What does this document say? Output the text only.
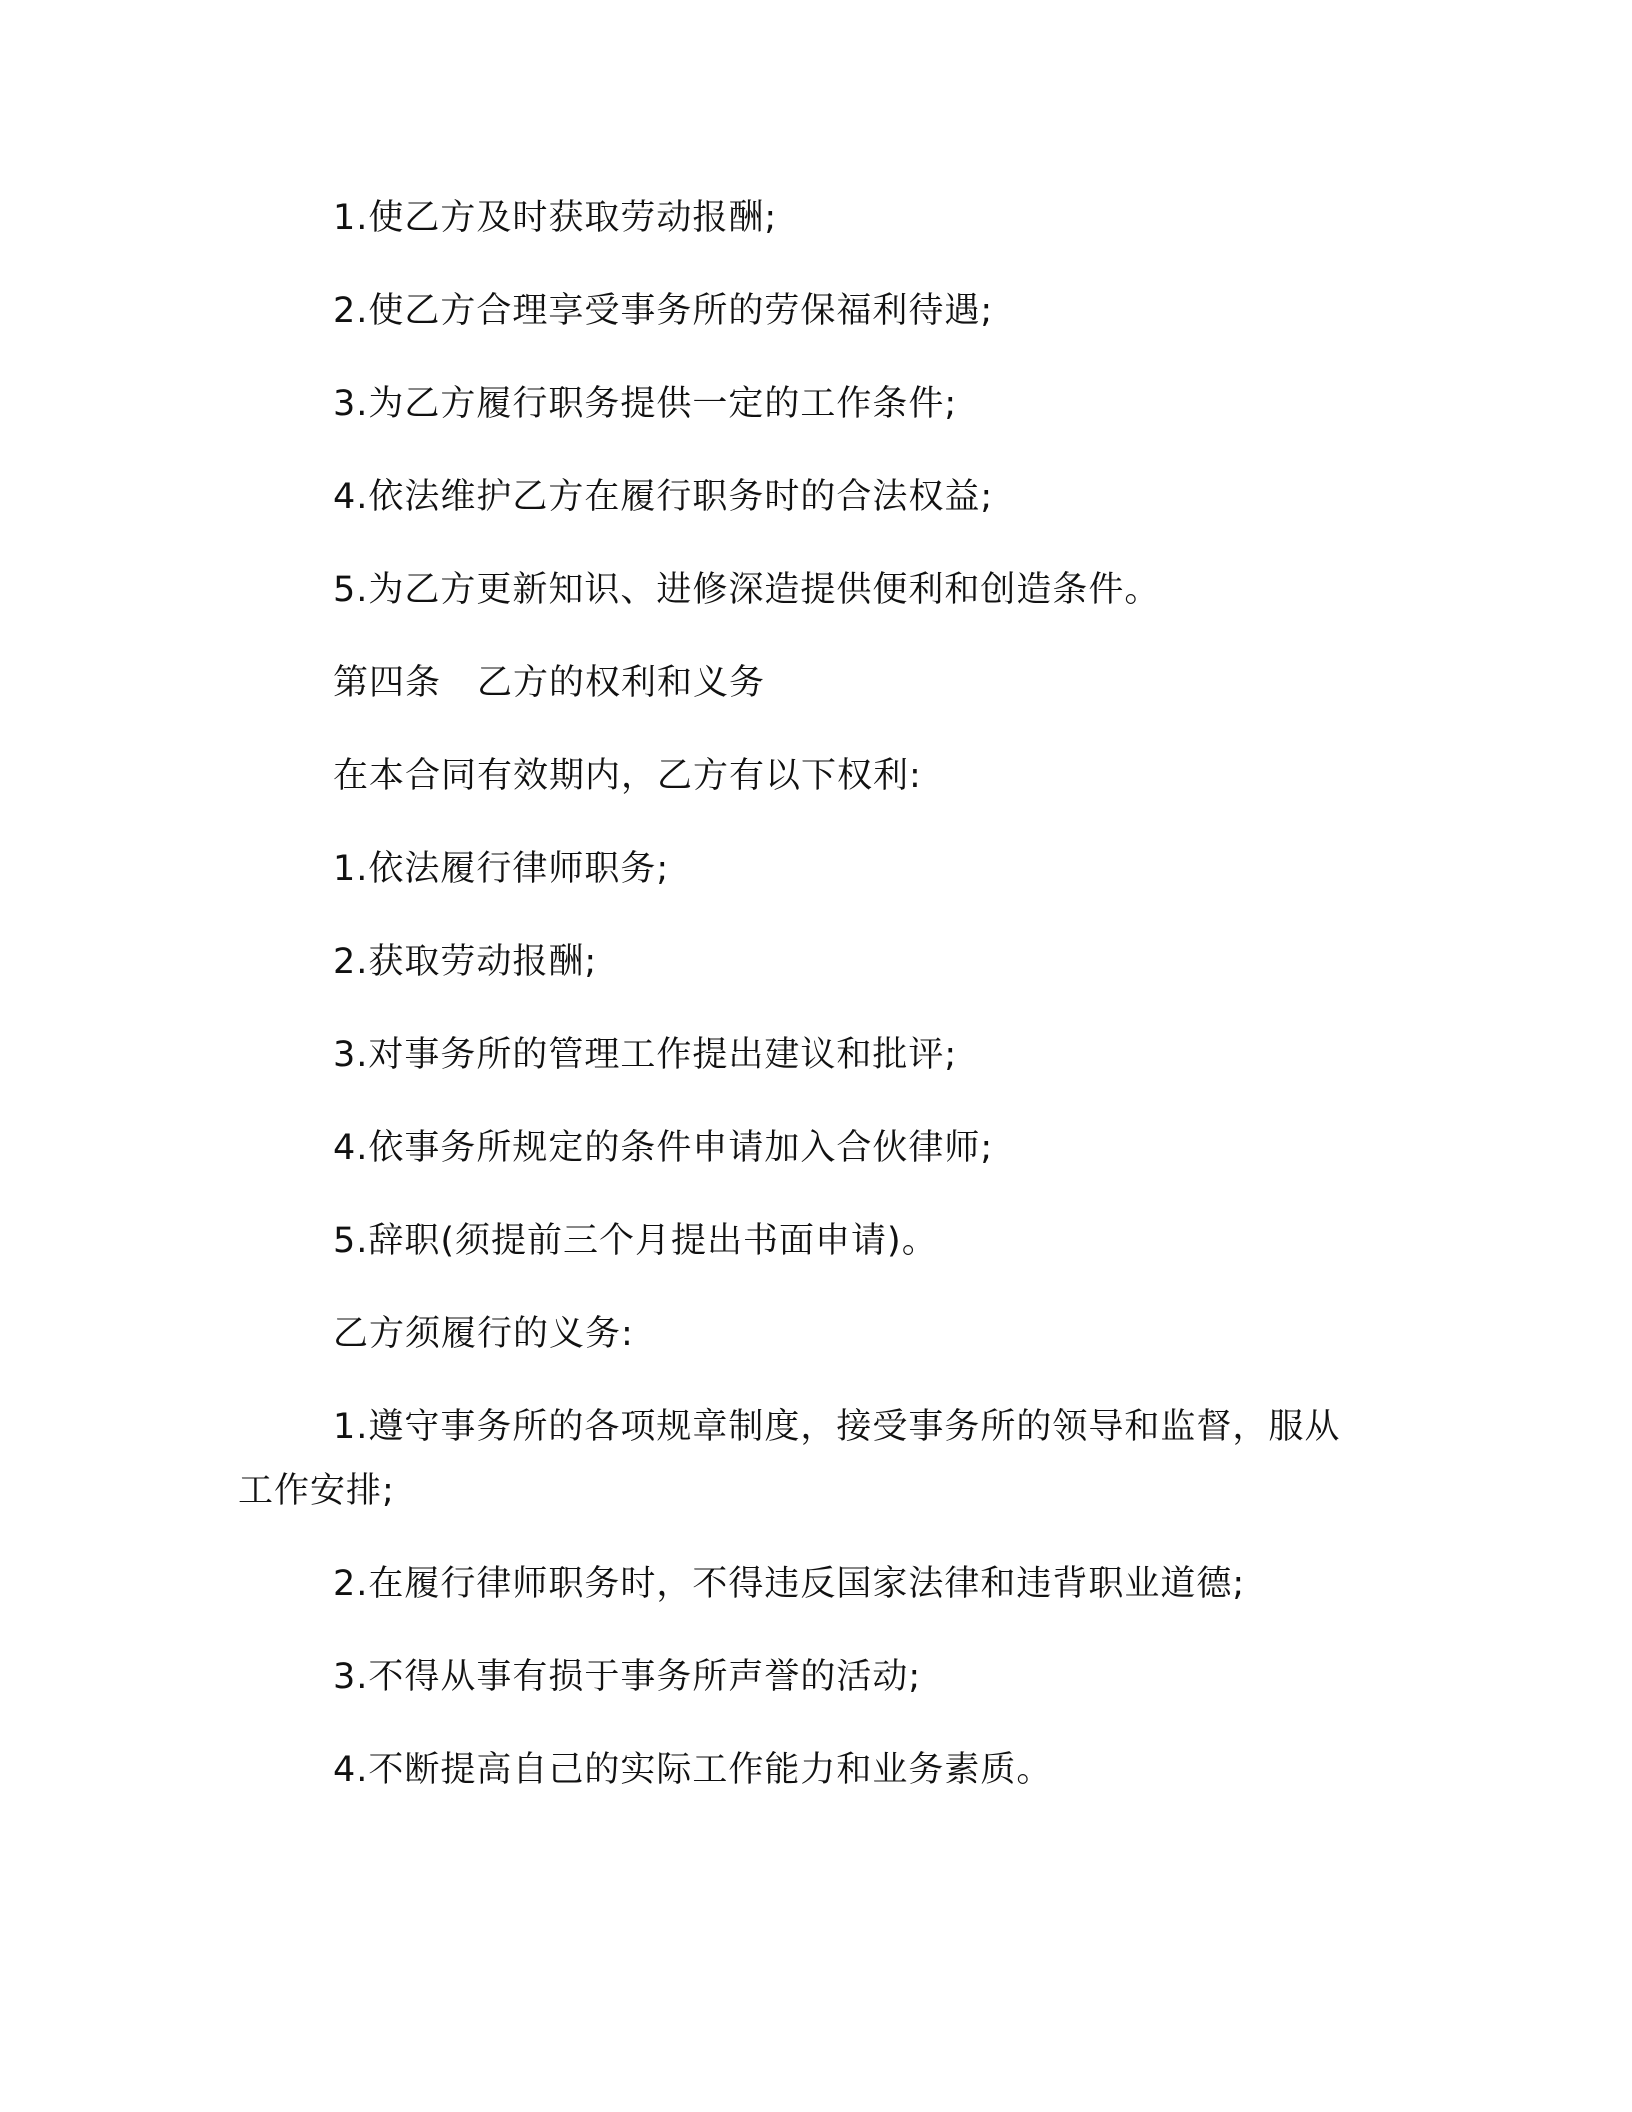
1.使乙方及时获取劳动报酬;
2.使乙方合理享受事务所的劳保福利待遇;
3.为乙方履行职务提供一定的工作条件;
4.依法维护乙方在履行职务时的合法权益;
5.为乙方更新知识、进修深造提供便利和创造条件。
第四条　乙方的权利和义务
在本合同有效期内，乙方有以下权利:
1.依法履行律师职务;
2.获取劳动报酬;
3.对事务所的管理工作提出建议和批评;
4.依事务所规定的条件申请加入合伙律师;
5.辞职(须提前三个月提出书面申请)。
乙方须履行的义务:
1.遵守事务所的各项规章制度，接受事务所的领导和监督，服从
工作安排;
2.在履行律师职务时，不得违反国家法律和违背职业道德;
3.不得从事有损于事务所声誉的活动;
4.不断提高自己的实际工作能力和业务素质。
